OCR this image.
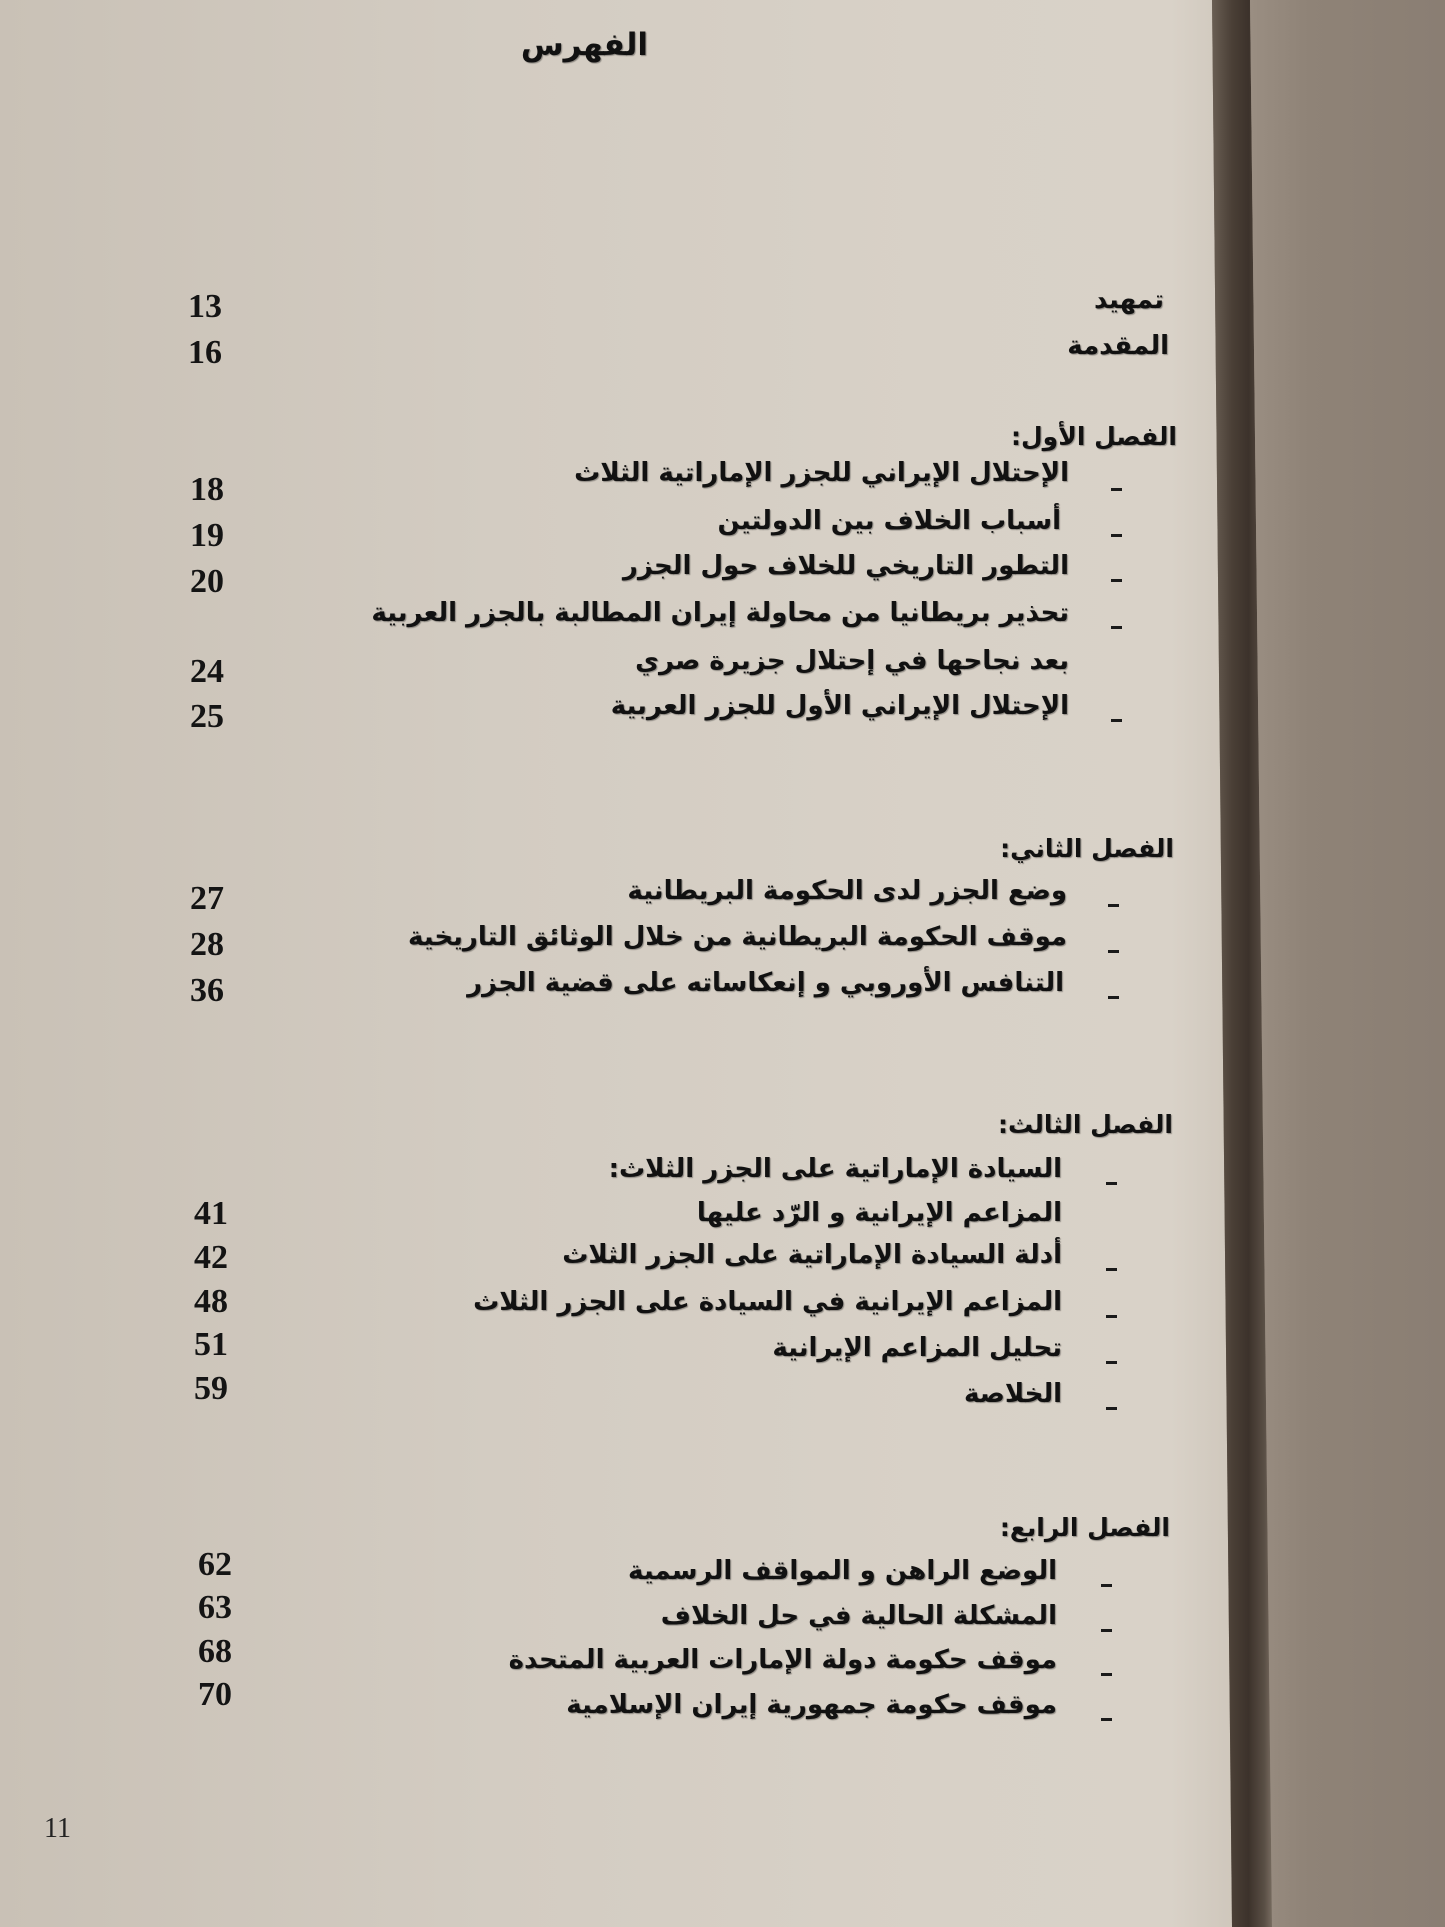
الفهرس
تمهيد
13
المقدمة
16
الفصل الأول:
الإحتلال الإيراني للجزر الإماراتية الثلاث
18
أسباب الخلاف بين الدولتين
19
التطور التاريخي للخلاف حول الجزر
20
تحذير بريطانيا من محاولة إيران المطالبة بالجزر العربية
بعد نجاحها في إحتلال جزيرة صري
24
الإحتلال الإيراني الأول للجزر العربية
25
الفصل الثاني:
وضع الجزر لدى الحكومة البريطانية
27
موقف الحكومة البريطانية من خلال الوثائق التاريخية
28
التنافس الأوروبي و إنعكاساته على قضية الجزر
36
الفصل الثالث:
السيادة الإماراتية على الجزر الثلاث:
المزاعم الإيرانية و الرّد عليها
41
أدلة السيادة الإماراتية على الجزر الثلاث
42
المزاعم الإيرانية في السيادة على الجزر الثلاث
48
تحليل المزاعم الإيرانية
51
الخلاصة
59
الفصل الرابع:
الوضع الراهن و المواقف الرسمية
62
المشكلة الحالية في حل الخلاف
63
موقف حكومة دولة الإمارات العربية المتحدة
68
موقف حكومة جمهورية إيران الإسلامية
70
11
